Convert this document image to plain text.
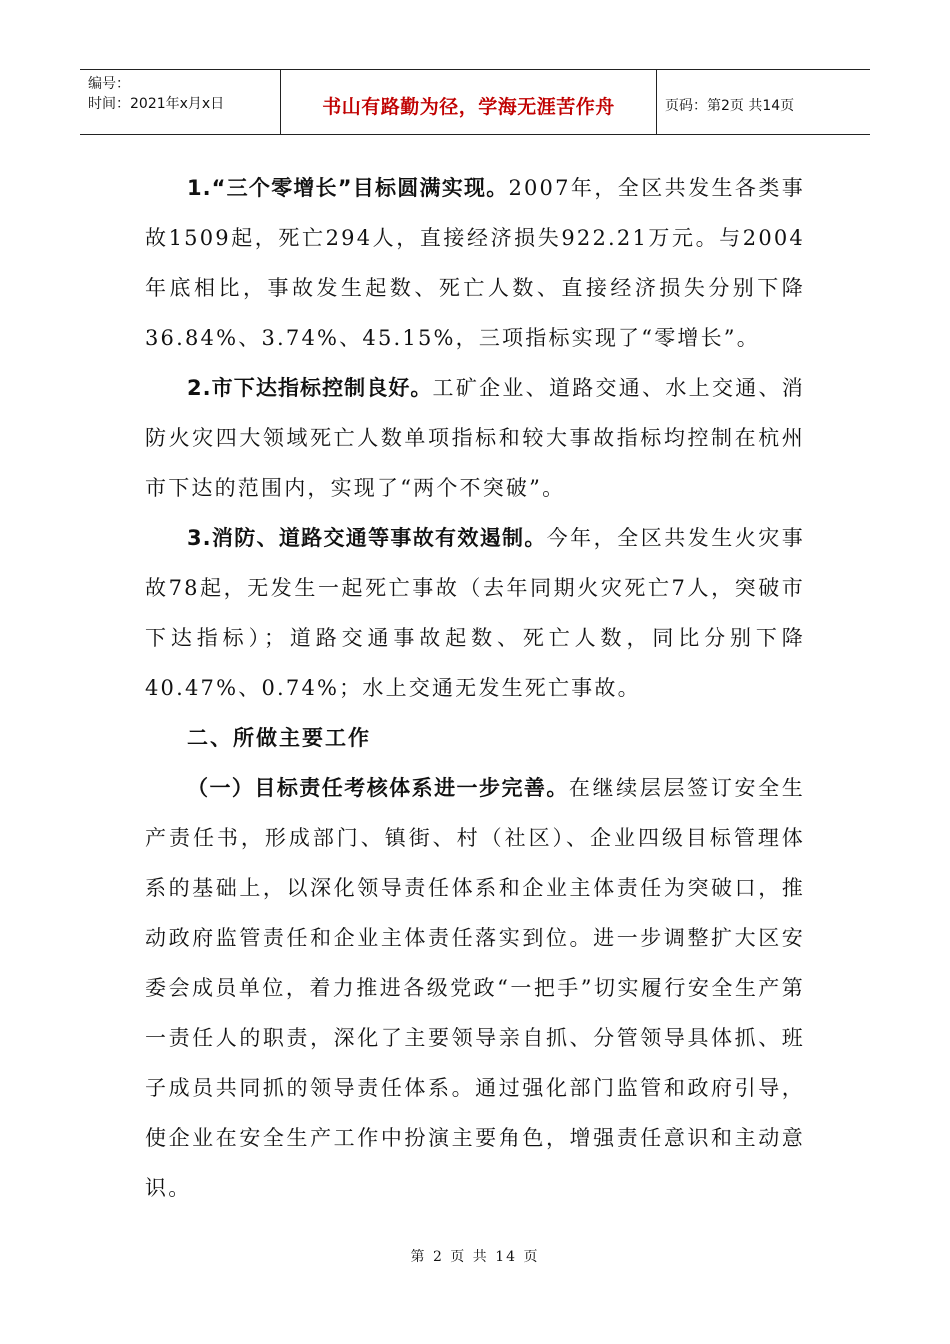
编号：
时间：2021年x月x日	书山有路勤为径，学海无涯苦作舟	页码：第2页 共14页

1.“三个零增长”目标圆满实现。2007年，全区共发生各类事故1509起，死亡294人，直接经济损失922.21万元。与2004年底相比，事故发生起数、死亡人数、直接经济损失分别下降36.84%、3.74%、45.15%，三项指标实现了“零增长”。

2.市下达指标控制良好。工矿企业、道路交通、水上交通、消防火灾四大领域死亡人数单项指标和较大事故指标均控制在杭州市下达的范围内，实现了“两个不突破”。

3.消防、道路交通等事故有效遏制。今年，全区共发生火灾事故78起，无发生一起死亡事故（去年同期火灾死亡7人，突破市下达指标）；道路交通事故起数、死亡人数，同比分别下降 40.47%、0.74%；水上交通无发生死亡事故。

二、所做主要工作

（一）目标责任考核体系进一步完善。在继续层层签订安全生产责任书，形成部门、镇街、村（社区）、企业四级目标管理体系的基础上，以深化领导责任体系和企业主体责任为突破口，推动政府监管责任和企业主体责任落实到位。进一步调整扩大区安委会成员单位，着力推进各级党政“一把手”切实履行安全生产第一责任人的职责，深化了主要领导亲自抓、分管领导具体抓、班子成员共同抓的领导责任体系。通过强化部门监管和政府引导，使企业在安全生产工作中扮演主要角色，增强责任意识和主动意识。

第 2 页 共 14 页
